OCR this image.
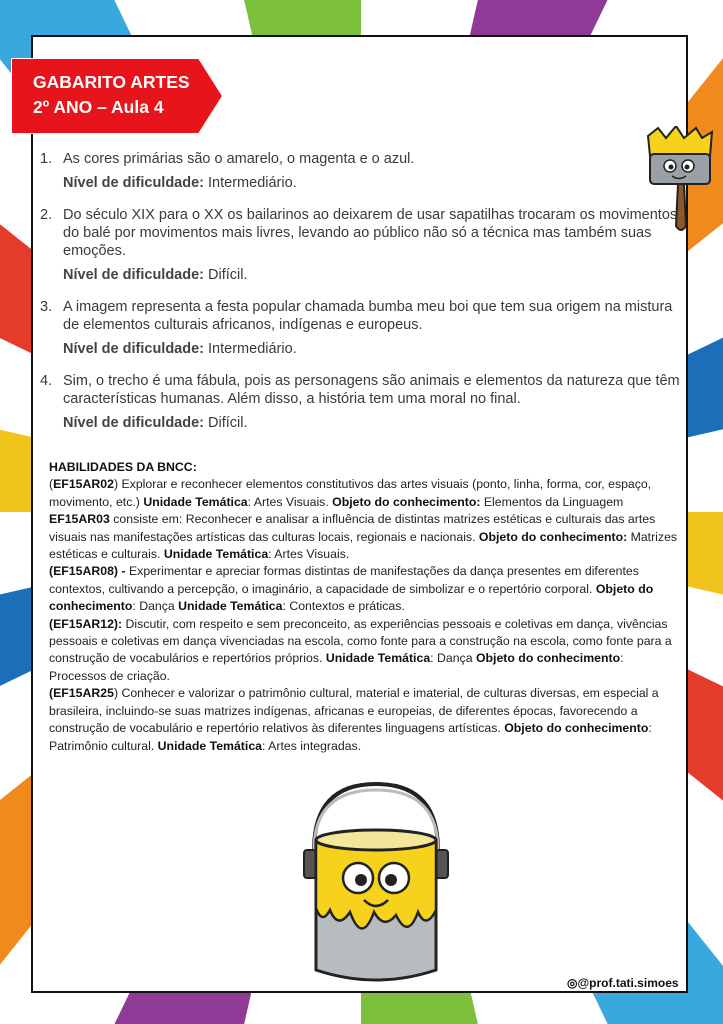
GABARITO ARTES
2º ANO – Aula 4
1. As cores primárias são o amarelo, o magenta e o azul.
Nível de dificuldade: Intermediário.
2. Do século XIX para o XX os bailarinos ao deixarem de usar sapatilhas trocaram os movimentos do balé por movimentos mais livres, levando ao público não só a técnica mas também suas emoções.
Nível de dificuldade: Difícil.
3. A imagem representa a festa popular chamada bumba meu boi que tem sua origem na mistura de elementos culturais africanos, indígenas e europeus.
Nível de dificuldade: Intermediário.
4. Sim, o trecho é uma fábula, pois as personagens são animais e elementos da natureza que têm características humanas. Além disso, a história tem uma moral no final.
Nível de dificuldade: Difícil.

HABILIDADES DA BNCC:

(EF15AR02) Explorar e reconhecer elementos constitutivos das artes visuais (ponto, linha, forma, cor, espaço, movimento, etc.) Unidade Temática: Artes Visuais. Objeto do conhecimento: Elementos da Linguagem

EF15AR03 consiste em: Reconhecer e analisar a influência de distintas matrizes estéticas e culturais das artes visuais nas manifestações artísticas das culturas locais, regionais e nacionais. Objeto do conhecimento: Matrizes estéticas e culturais. Unidade Temática: Artes Visuais.

(EF15AR08) - Experimentar e apreciar formas distintas de manifestações da dança presentes em diferentes contextos, cultivando a percepção, o imaginário, a capacidade de simbolizar e o repertório corporal. Objeto do conhecimento: Dança Unidade Temática: Contextos e práticas.

(EF15AR12): Discutir, com respeito e sem preconceito, as experiências pessoais e coletivas em dança, vivências pessoais e coletivas em dança vivenciadas na escola, como fonte para a construção na escola, como fonte para a construção de vocabulários e repertórios próprios. Unidade Temática: Dança Objeto do conhecimento: Processos de criação.

(EF15AR25) Conhecer e valorizar o patrimônio cultural, material e imaterial, de culturas diversas, em especial a brasileira, incluindo-se suas matrizes indígenas, africanas e europeias, de diferentes épocas, favorecendo a construção de vocabulário e repertório relativos às diferentes linguagens artísticas. Objeto do conhecimento: Patrimônio cultural. Unidade Temática: Artes integradas.

◎@prof.tati.simoes
